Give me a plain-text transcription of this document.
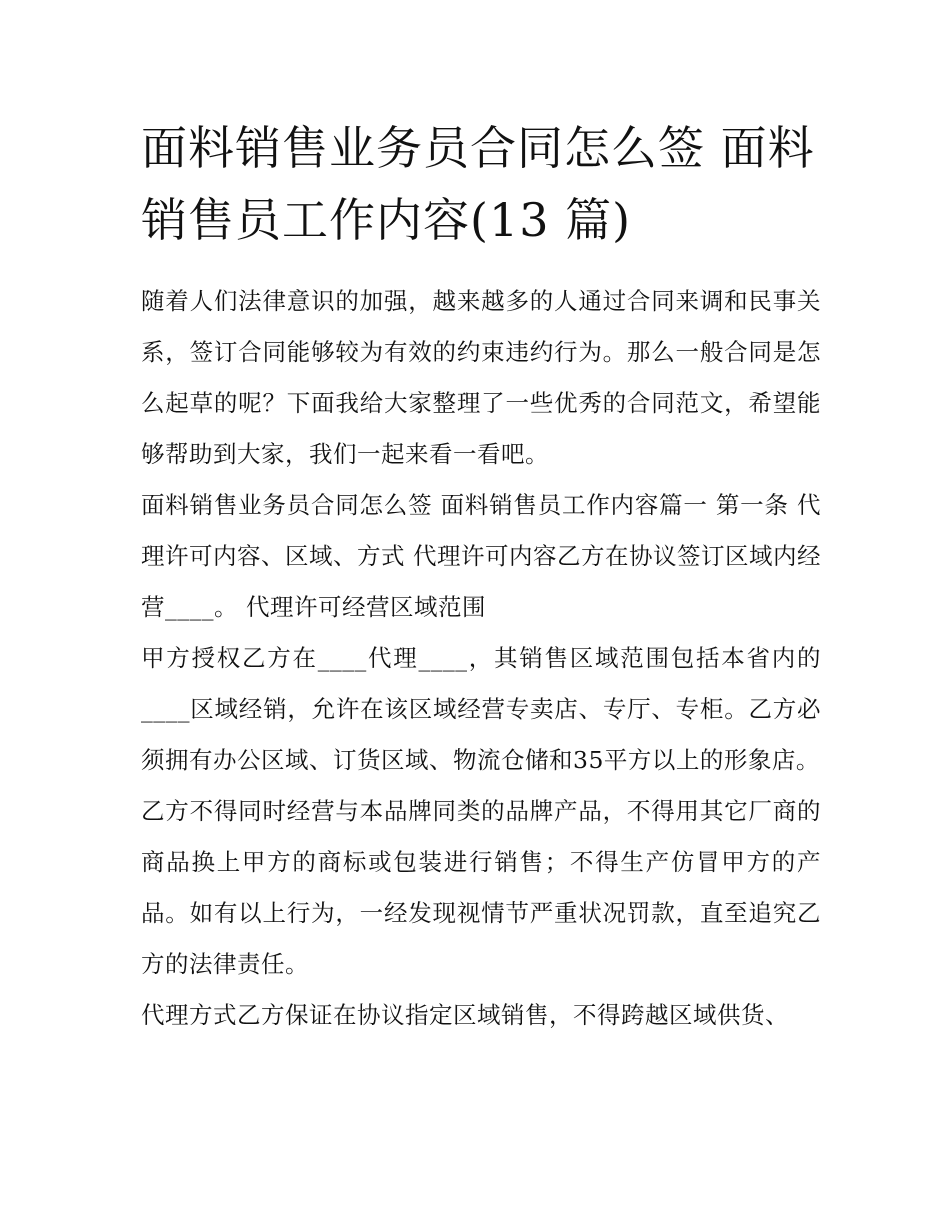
面料销售业务员合同怎么签 面料销售员工作内容(13 篇)

随着人们法律意识的加强，越来越多的人通过合同来调和民事关系，签订合同能够较为有效的约束违约行为。那么一般合同是怎么起草的呢？下面我给大家整理了一些优秀的合同范文，希望能够帮助到大家，我们一起来看一看吧。

面料销售业务员合同怎么签 面料销售员工作内容篇一 第一条 代理许可内容、区域、方式 代理许可内容乙方在协议签订区域内经营____。 代理许可经营区域范围

甲方授权乙方在____代理____，其销售区域范围包括本省内的____区域经销，允许在该区域经营专卖店、专厅、专柜。乙方必须拥有办公区域、订货区域、物流仓储和35平方以上的形象店。

乙方不得同时经营与本品牌同类的品牌产品，不得用其它厂商的商品换上甲方的商标或包装进行销售；不得生产仿冒甲方的产品。如有以上行为，一经发现视情节严重状况罚款，直至追究乙方的法律责任。

代理方式乙方保证在协议指定区域销售，不得跨越区域供货、
